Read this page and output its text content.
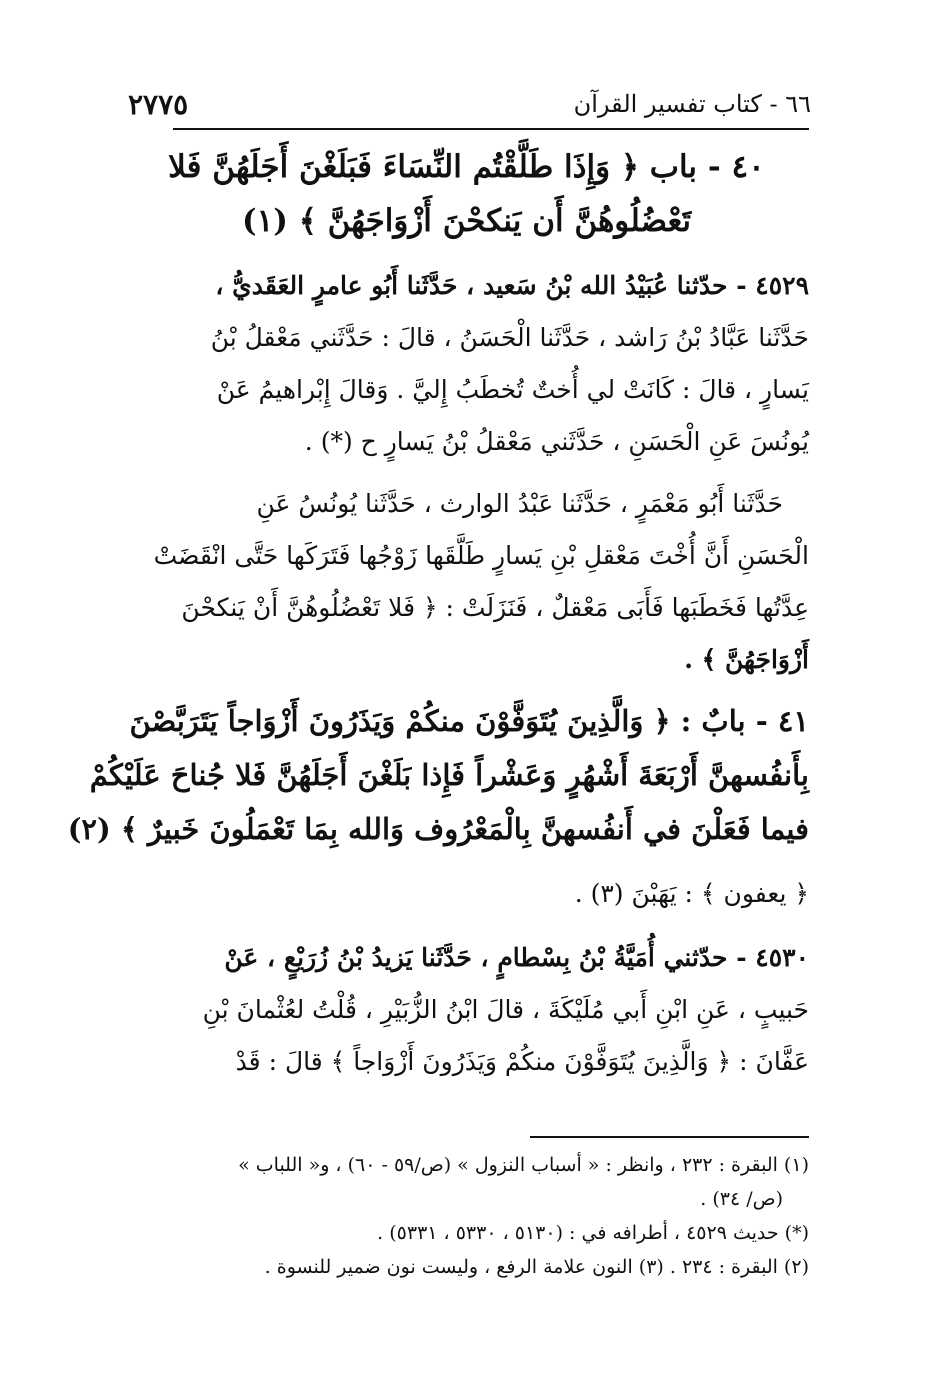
٦٦ - كتاب تفسير القرآن
٢٧٧٥
٤٠ - باب ﴿ وَإِذَا طَلَّقْتُم النِّسَاءَ فَبَلَغْنَ أَجَلَهُنَّ فَلا
تَعْضُلُوهُنَّ أَن يَنكحْنَ أَزْوَاجَهُنَّ ﴾ (١)
٤٥٢٩ - حدّثنا عُبَيْدُ الله بْنُ سَعيد ، حَدَّثَنا أَبُو عامرٍ العَقَديُّ ،
حَدَّثَنا عَبَّادُ بْنُ رَاشد ، حَدَّثَنا الْحَسَنُ ، قالَ : حَدَّثَني مَعْقلُ بْنُ
يَسارٍ ، قالَ : كَانَتْ لي أُختٌ تُخطَبُ إِليَّ . وَقالَ إِبْراهيمُ عَنْ
يُونُسَ عَنِ الْحَسَنِ ، حَدَّثَني مَعْقلُ بْنُ يَسارٍ ح (*) .
حَدَّثَنا أَبُو مَعْمَرٍ ، حَدَّثَنا عَبْدُ الوارث ، حَدَّثَنا يُونُسُ عَنِ
الْحَسَنِ أَنَّ أُخْتَ مَعْقلِ بْنِ يَسارٍ طَلَّقَها زَوْجُها فَتَرَكَها حَتَّى انْقَضَتْ
عِدَّتُها فَخَطَبَها فَأَبَى مَعْقلٌ ، فَنَزَلَتْ : ﴿ فَلا تَعْضُلُوهُنَّ أَنْ يَنكحْنَ
أَزْوَاجَهُنَّ ﴾ .
٤١ - بابٌ : ﴿ وَالَّذِينَ يُتَوَفَّوْنَ منكُمْ وَيَذَرُونَ أَزْوَاجاً يَتَرَبَّصْنَ
بِأَنفُسهنَّ أَرْبَعَةَ أَشْهُرٍ وَعَشْراً فَإِذا بَلَغْنَ أَجَلَهُنَّ فَلا جُناحَ عَلَيْكُمْ
فيما فَعَلْنَ في أَنفُسهنَّ بِالْمَعْرُوف وَالله بِمَا تَعْمَلُونَ خَبيرٌ ﴾ (٢)
﴿ يعفون ﴾ : يَهَبْنَ (٣) .
٤٥٣٠ - حدّثني أُمَيَّةُ بْنُ بِسْطامٍ ، حَدَّثَنا يَزيدُ بْنُ زُرَيْعٍ ، عَنْ
حَبيبٍ ، عَنِ ابْنِ أَبي مُلَيْكَةَ ، قالَ ابْنُ الزُّبَيْرِ ، قُلْتُ لعُثْمانَ بْنِ
عَفَّانَ : ﴿ وَالَّذِينَ يُتَوَفَّوْنَ منكُمْ وَيَذَرُونَ أَزْوَاجاً ﴾ قالَ : قَدْ
(١) البقرة : ٢٣٢ ، وانظر : « أسباب النزول » (ص/٥٩ - ٦٠) ، و« اللباب »
(ص/ ٣٤) .
(*) حديث ٤٥٢٩ ، أطرافه في : (٥١٣٠ ، ٥٣٣٠ ، ٥٣٣١) .
(٢) البقرة : ٢٣٤ . (٣) النون علامة الرفع ، وليست نون ضمير للنسوة .
